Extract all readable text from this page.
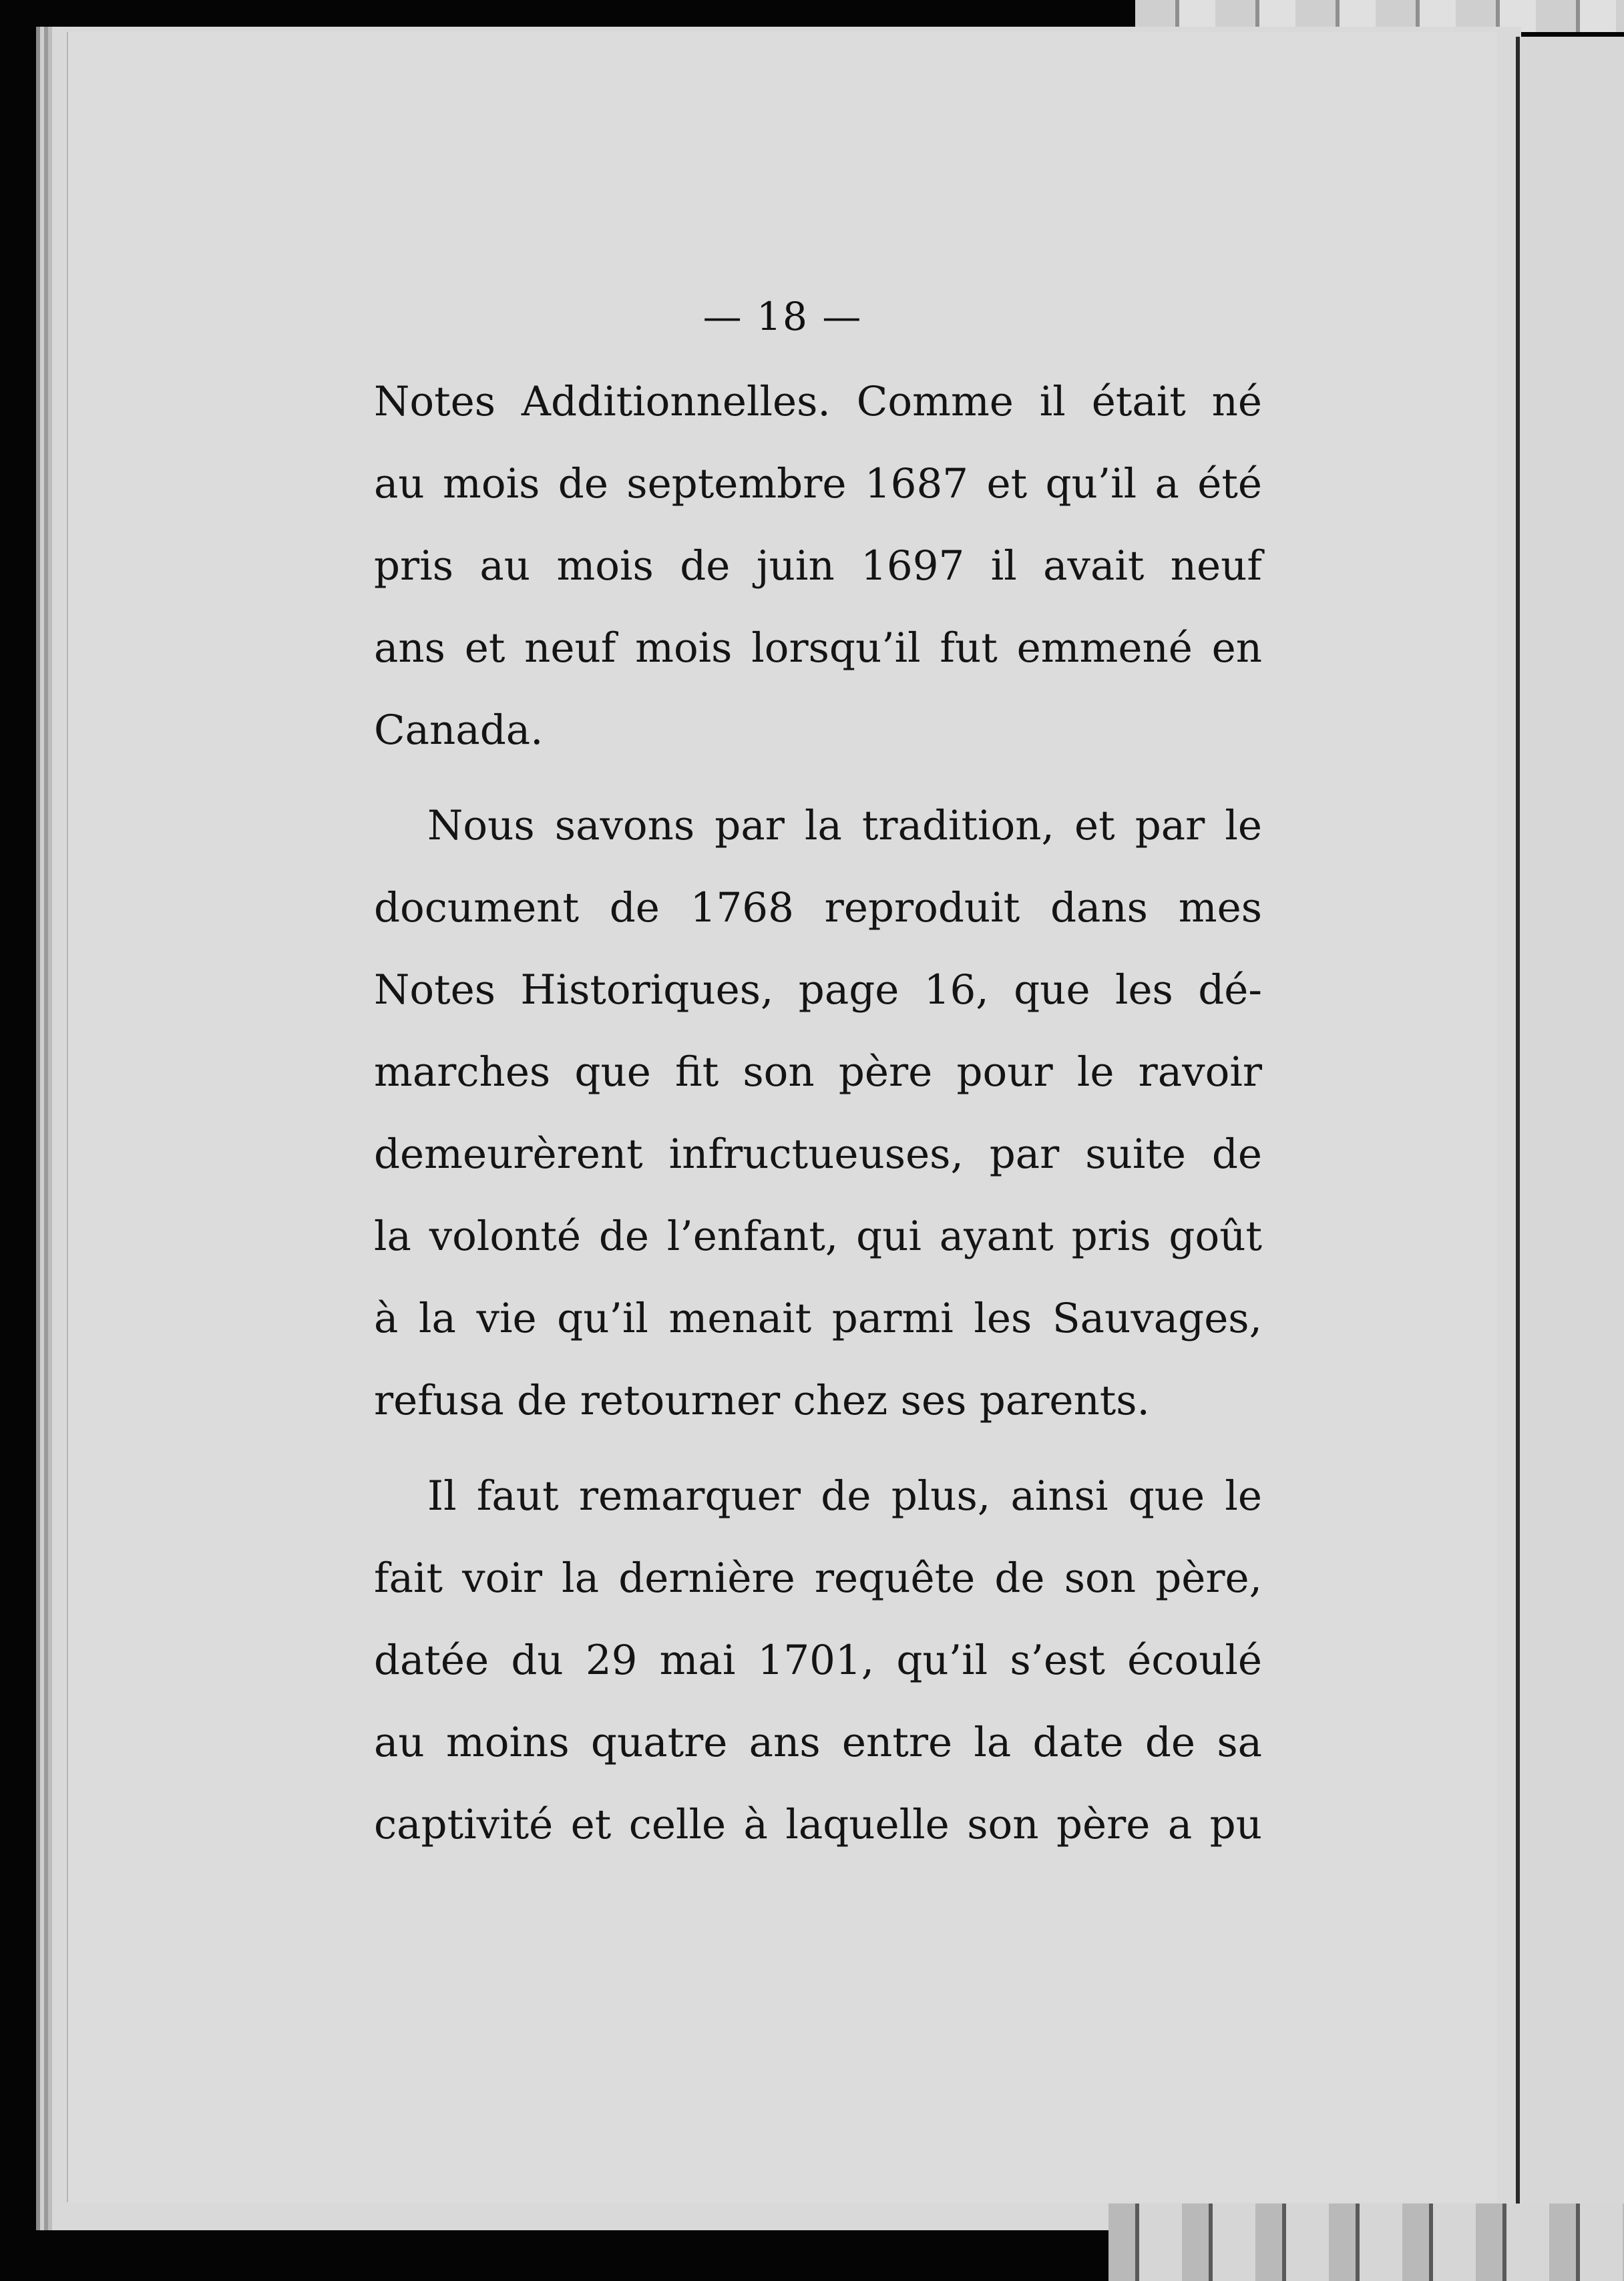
— 18 —
Notes Additionnelles. Comme il était né
au mois de septembre 1687 et qu’il a été
pris au mois de juin 1697 il avait neuf
ans et neuf mois lorsqu’il fut emmené en
Canada.
Nous savons par la tradition, et par le
document de 1768 reproduit dans mes
Notes Historiques, page 16, que les dé-
marches que fit son père pour le ravoir
demeurèrent infructueuses, par suite de
la volonté de l’enfant, qui ayant pris goût
à la vie qu’il menait parmi les Sauvages,
refusa de retourner chez ses parents.
Il faut remarquer de plus, ainsi que le
fait voir la dernière requête de son père,
datée du 29 mai 1701, qu’il s’est écoulé
au moins quatre ans entre la date de sa
captivité et celle à laquelle son père a pu
